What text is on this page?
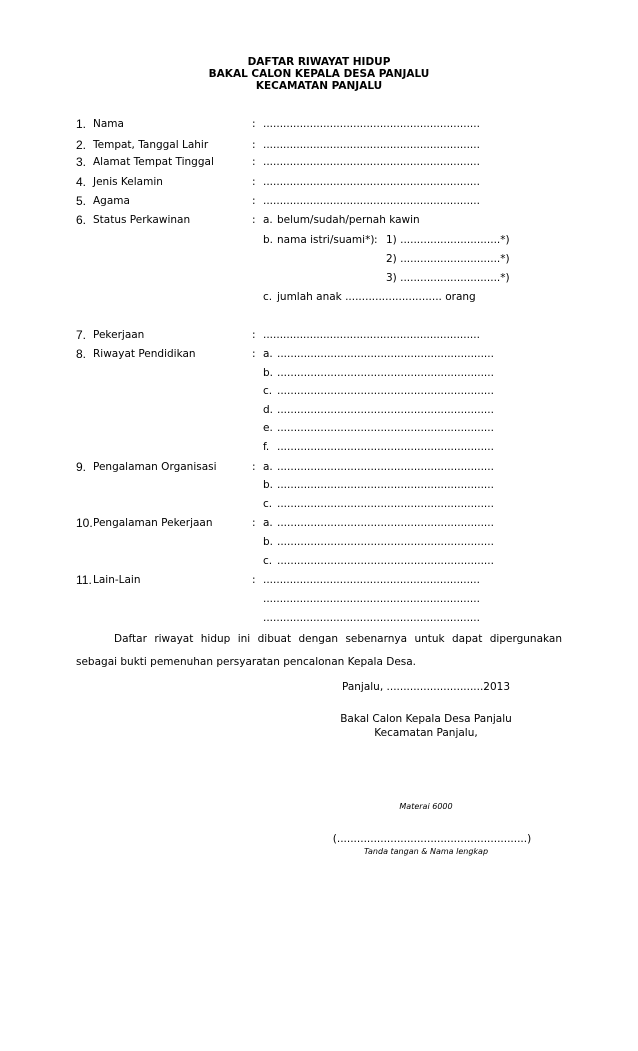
DAFTAR RIWAYAT HIDUP
BAKAL CALON KEPALA DESA PANJALU
KECAMATAN PANJALU
1. Nama	: .................................................................
2. Tempat, Tanggal Lahir	: .................................................................
3. Alamat Tempat Tinggal	: .................................................................
4. Jenis Kelamin	: .................................................................
5. Agama	: .................................................................
6. Status Perkawinan	: a. belum/sudah/pernah kawin
b. nama istri/suami*) : 1) ..............................*)
2) ..............................*)
3) ..............................*)
c. jumlah anak ............................. orang
7. Pekerjaan	: .................................................................
8. Riwayat Pendidikan	: a. .................................................................
b. .................................................................
c. .................................................................
d. .................................................................
e. .................................................................
f. .................................................................
9. Pengalaman Organisasi	: a. .................................................................
b. .................................................................
c. .................................................................
10. Pengalaman Pekerjaan	: a. .................................................................
b. .................................................................
c. .................................................................
11. Lain-Lain	: .................................................................
.................................................................
.................................................................
Daftar riwayat hidup ini dibuat dengan sebenarnya untuk dapat dipergunakan sebagai bukti pemenuhan persyaratan pencalonan Kepala Desa.
Panjalu, .............................2013
Bakal Calon Kepala Desa Panjalu
Kecamatan Panjalu,
Materai 6000
(.........................................................)
Tanda tangan & Nama lengkap
